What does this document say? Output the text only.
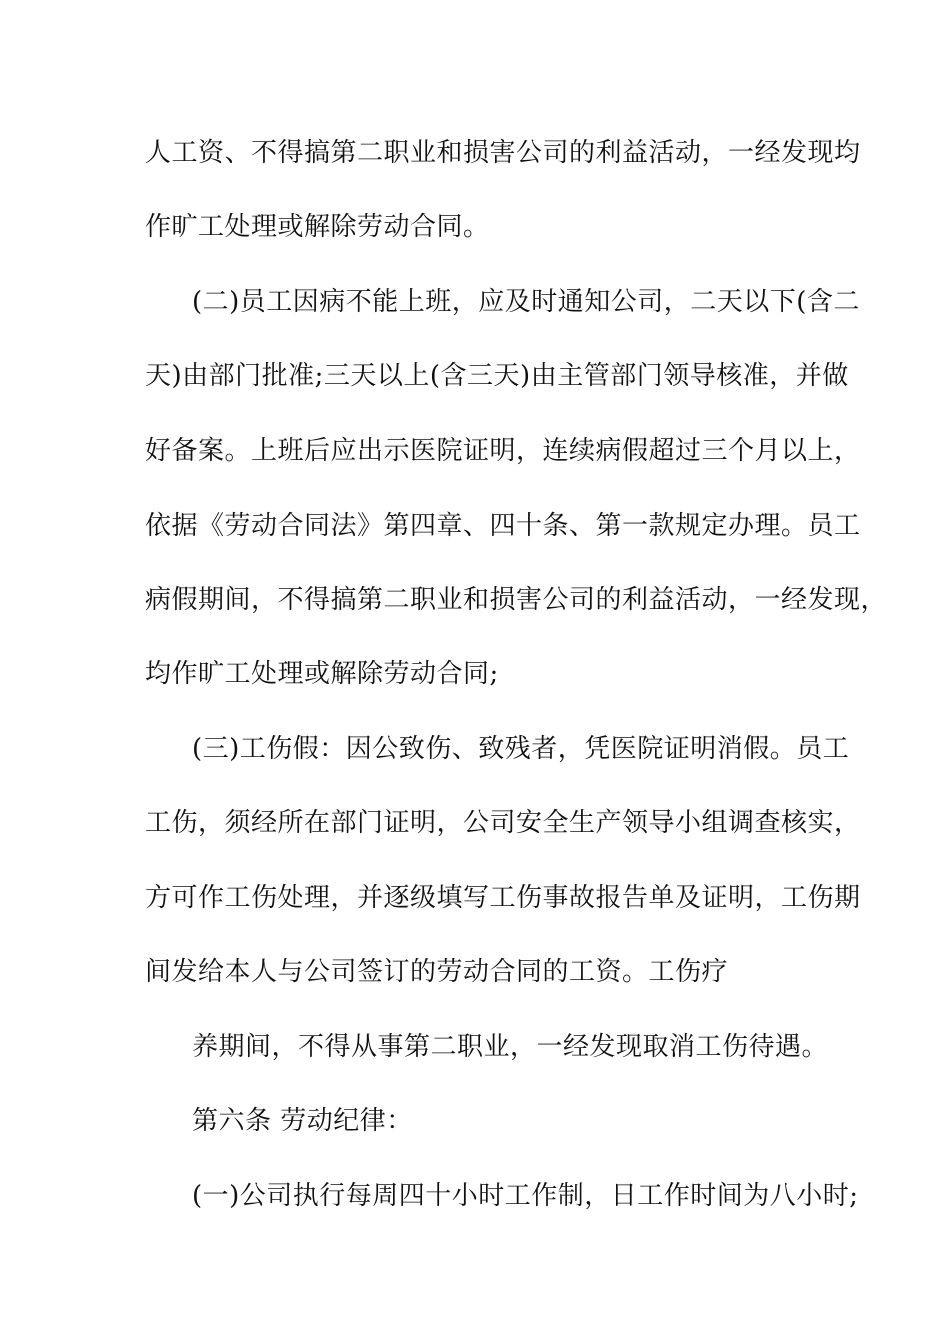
人工资、不得搞第二职业和损害公司的利益活动，一经发现均
作旷工处理或解除劳动合同。
(二)员工因病不能上班，应及时通知公司，二天以下(含二
天)由部门批准;三天以上(含三天)由主管部门领导核准，并做
好备案。上班后应出示医院证明，连续病假超过三个月以上，
依据《劳动合同法》第四章、四十条、第一款规定办理。员工
病假期间，不得搞第二职业和损害公司的利益活动，一经发现，
均作旷工处理或解除劳动合同;
(三)工伤假：因公致伤、致残者，凭医院证明消假。员工
工伤，须经所在部门证明，公司安全生产领导小组调查核实，
方可作工伤处理，并逐级填写工伤事故报告单及证明，工伤期
间发给本人与公司签订的劳动合同的工资。工伤疗
养期间，不得从事第二职业，一经发现取消工伤待遇。
第六条 劳动纪律：
(一)公司执行每周四十小时工作制，日工作时间为八小时;
